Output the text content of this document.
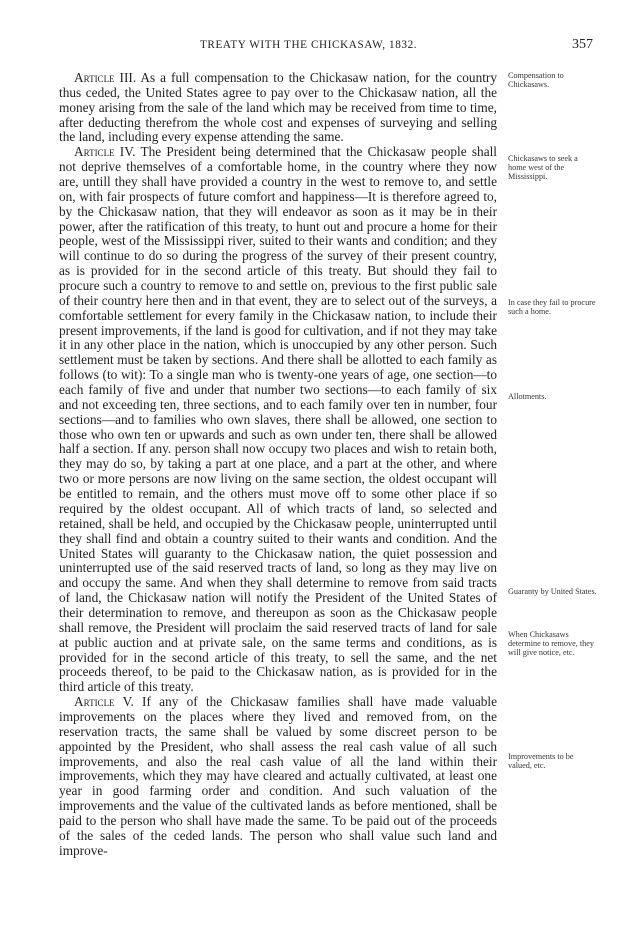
TREATY WITH THE CHICKASAW, 1832.	357

Article III. As a full compensation to the Chickasaw nation, for the country thus ceded, the United States agree to pay over to the Chickasaw nation, all the money arising from the sale of the land which may be received from time to time, after deducting therefrom the whole cost and expenses of surveying and selling the land, including every expense attending the same.

Article IV. The President being determined that the Chickasaw people shall not deprive themselves of a comfortable home, in the country where they now are, untill they shall have provided a country in the west to remove to, and settle on, with fair prospects of future comfort and happiness—It is therefore agreed to, by the Chickasaw nation, that they will endeavor as soon as it may be in their power, after the ratification of this treaty, to hunt out and procure a home for their people, west of the Mississippi river, suited to their wants and condition; and they will continue to do so during the progress of the survey of their present country, as is provided for in the second article of this treaty. But should they fail to procure such a country to remove to and settle on, previous to the first public sale of their country here then and in that event, they are to select out of the surveys, a comfortable settlement for every family in the Chickasaw nation, to include their present improvements, if the land is good for cultivation, and if not they may take it in any other place in the nation, which is unoccupied by any other person. Such settlement must be taken by sections. And there shall be allotted to each family as follows (to wit): To a single man who is twenty-one years of age, one section—to each family of five and under that number two sections—to each family of six and not exceeding ten, three sections, and to each family over ten in number, four sections—and to families who own slaves, there shall be allowed, one section to those who own ten or upwards and such as own under ten, there shall be allowed half a section. If any. person shall now occupy two places and wish to retain both, they may do so, by taking a part at one place, and a part at the other, and where two or more persons are now living on the same section, the oldest occupant will be entitled to remain, and the others must move off to some other place if so required by the oldest occupant. All of which tracts of land, so selected and retained, shall be held, and occupied by the Chickasaw people, uninterrupted until they shall find and obtain a country suited to their wants and condition. And the United States will guaranty to the Chickasaw nation, the quiet possession and uninterrupted use of the said reserved tracts of land, so long as they may live on and occupy the same. And when they shall determine to remove from said tracts of land, the Chickasaw nation will notify the President of the United States of their determination to remove, and thereupon as soon as the Chickasaw people shall remove, the President will proclaim the said reserved tracts of land for sale at public auction and at private sale, on the same terms and conditions, as is provided for in the second article of this treaty, to sell the same, and the net proceeds thereof, to be paid to the Chickasaw nation, as is provided for in the third article of this treaty.

Article V. If any of the Chickasaw families shall have made valuable improvements on the places where they lived and removed from, on the reservation tracts, the same shall be valued by some discreet person to be appointed by the President, who shall assess the real cash value of all such improvements, and also the real cash value of all the land within their improvements, which they may have cleared and actually cultivated, at least one year in good farming order and condition. And such valuation of the improvements and the value of the cultivated lands as before mentioned, shall be paid to the person who shall have made the same. To be paid out of the proceeds of the sales of the ceded lands. The person who shall value such land and improve-

Compensation to Chickasaws.
Chickasaws to seek a home west of the Mississippi.
In case they fail to procure such a home.
Allotments.
Guaranty by United States.
When Chickasaws determine to remove, they will give notice, etc.
Improvements to be valued, etc.
